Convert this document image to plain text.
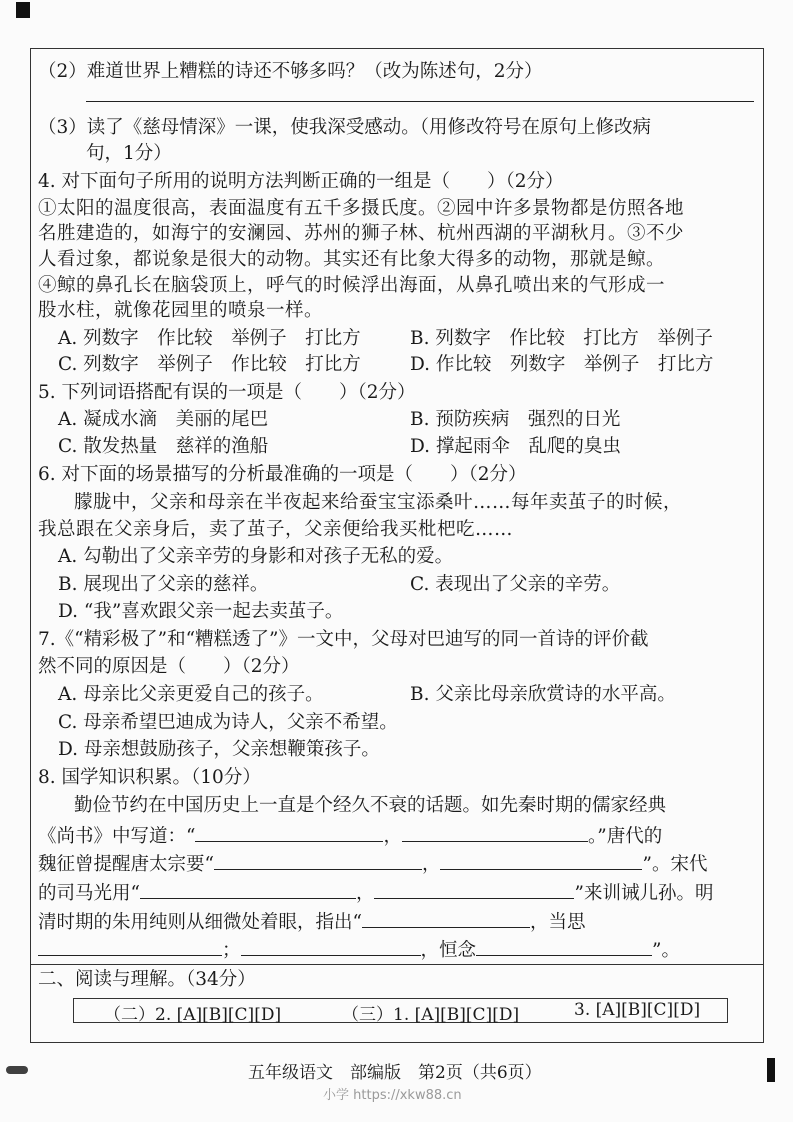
（2）难道世界上糟糕的诗还不够多吗？（改为陈述句，2分）
（3）读了《慈母情深》一课，使我深受感动。（用修改符号在原句上修改病
句，1分）
4. 对下面句子所用的说明方法判断正确的一组是（　　）（2分）
①太阳的温度很高，表面温度有五千多摄氏度。②园中许多景物都是仿照各地
名胜建造的，如海宁的安澜园、苏州的狮子林、杭州西湖的平湖秋月。③不少
人看过象，都说象是很大的动物。其实还有比象大得多的动物，那就是鲸。
④鲸的鼻孔长在脑袋顶上，呼气的时候浮出海面，从鼻孔喷出来的气形成一
股水柱，就像花园里的喷泉一样。
A. 列数字　作比较　举例子　打比方	B. 列数字　作比较　打比方　举例子
C. 列数字　举例子　作比较　打比方	D. 作比较　列数字　举例子　打比方
5. 下列词语搭配有误的一项是（　　）（2分）
A. 凝成水滴　美丽的尾巴	B. 预防疾病　强烈的日光
C. 散发热量　慈祥的渔船	D. 撑起雨伞　乱爬的臭虫
6. 对下面的场景描写的分析最准确的一项是（　　）（2分）
朦胧中，父亲和母亲在半夜起来给蚕宝宝添桑叶……每年卖茧子的时候，
我总跟在父亲身后，卖了茧子，父亲便给我买枇杷吃……
A. 勾勒出了父亲辛劳的身影和对孩子无私的爱。
B. 展现出了父亲的慈祥。	C. 表现出了父亲的辛劳。
D. “我”喜欢跟父亲一起去卖茧子。
7.《“精彩极了”和“糟糕透了”》一文中，父母对巴迪写的同一首诗的评价截
然不同的原因是（　　）（2分）
A. 母亲比父亲更爱自己的孩子。	B. 父亲比母亲欣赏诗的水平高。
C. 母亲希望巴迪成为诗人，父亲不希望。
D. 母亲想鼓励孩子，父亲想鞭策孩子。
8. 国学知识积累。（10分）
勤俭节约在中国历史上一直是个经久不衰的话题。如先秦时期的儒家经典
《尚书》中写道：“	，	。”唐代的
魏征曾提醒唐太宗要“	，	”。宋代
的司马光用“	，	”来训诫儿孙。明
清时期的朱用纯则从细微处着眼，指出“	，当思
；	，恒念	”。
二、阅读与理解。（34分）
（二）2. [A][B][C][D]	（三）1. [A][B][C][D]	3. [A][B][C][D]
五年级语文　部编版　第2页（共6页）
小学 https://xkw88.cn
